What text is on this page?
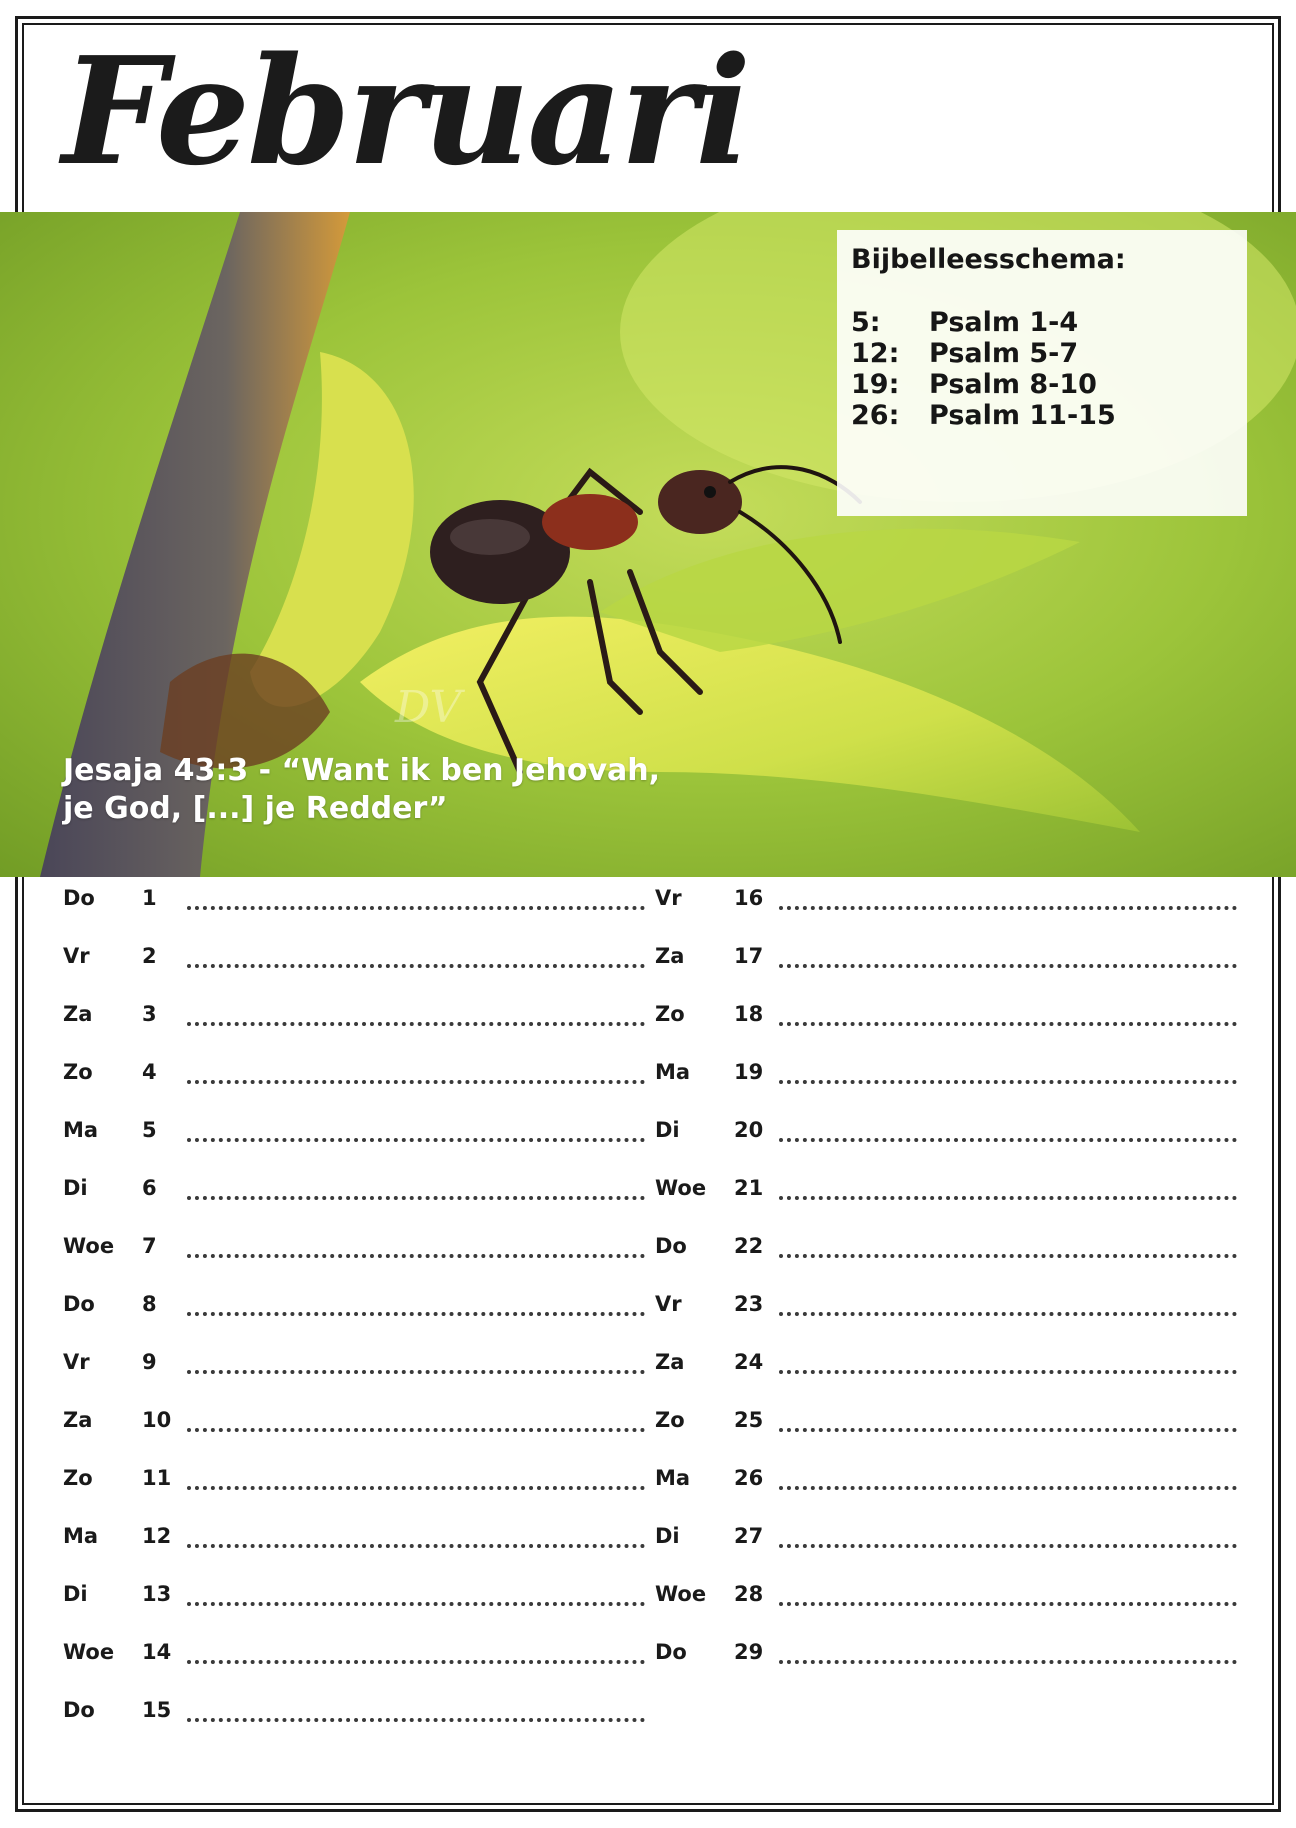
Februari
DV
Bijbelleesschema:
5:	Psalm 1-4
12:	Psalm 5-7
19:	Psalm 8-10
26:	Psalm 11-15
Jesaja 43:3 - “Want ik ben Jehovah,
je God, [...] je Redder”
Do 1
Vr 2
Za 3
Zo 4
Ma 5
Di	6
Woe 7
Do 8
Vr 9
Za 10
Zo 11
Ma 12
Di	13
Woe 14
Do 15
Vr 16
Za 17
Zo 18
Ma 19
Di	20
Woe 21
Do 22
Vr 23
Za 24
Zo 25
Ma 26
Di	27
Woe 28
Do 29
